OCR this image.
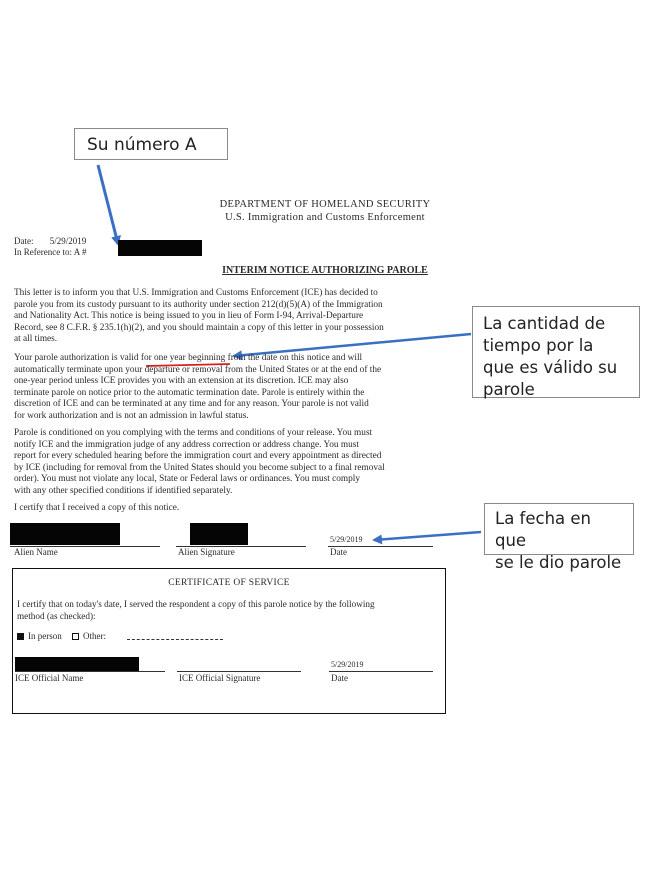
Su número A
La cantidad de
tiempo por la
que es válido su
parole
La fecha en que
se le dio parole
DEPARTMENT OF HOMELAND SECURITY
U.S. Immigration and Customs Enforcement
Date: 5/29/2019
In Reference to: A #
INTERIM NOTICE AUTHORIZING PAROLE
This letter is to inform you that U.S. Immigration and Customs Enforcement (ICE) has decided to
parole you from its custody pursuant to its authority under section 212(d)(5)(A) of the Immigration
and Nationality Act. This notice is being issued to you in lieu of Form I-94, Arrival-Departure
Record, see 8 C.F.R. § 235.1(h)(2), and you should maintain a copy of this letter in your possession
at all times.
Your parole authorization is valid for one year beginning from the date on this notice and will
automatically terminate upon your departure or removal from the United States or at the end of the
one-year period unless ICE provides you with an extension at its discretion. ICE may also
terminate parole on notice prior to the automatic termination date. Parole is entirely within the
discretion of ICE and can be terminated at any time and for any reason. Your parole is not valid
for work authorization and is not an admission in lawful status.
Parole is conditioned on you complying with the terms and conditions of your release. You must
notify ICE and the immigration judge of any address correction or address change. You must
report for every scheduled hearing before the immigration court and every appointment as directed
by ICE (including for removal from the United States should you become subject to a final removal
order). You must not violate any local, State or Federal laws or ordinances. You must comply
with any other specified conditions if identified separately.
I certify that I received a copy of this notice.
5/29/2019
Alien Name	Alien Signature	Date
CERTIFICATE OF SERVICE
I certify that on today's date, I served the respondent a copy of this parole notice by the following
method (as checked):
In person Other:
5/29/2019
ICE Official Name	ICE Official Signature	Date
